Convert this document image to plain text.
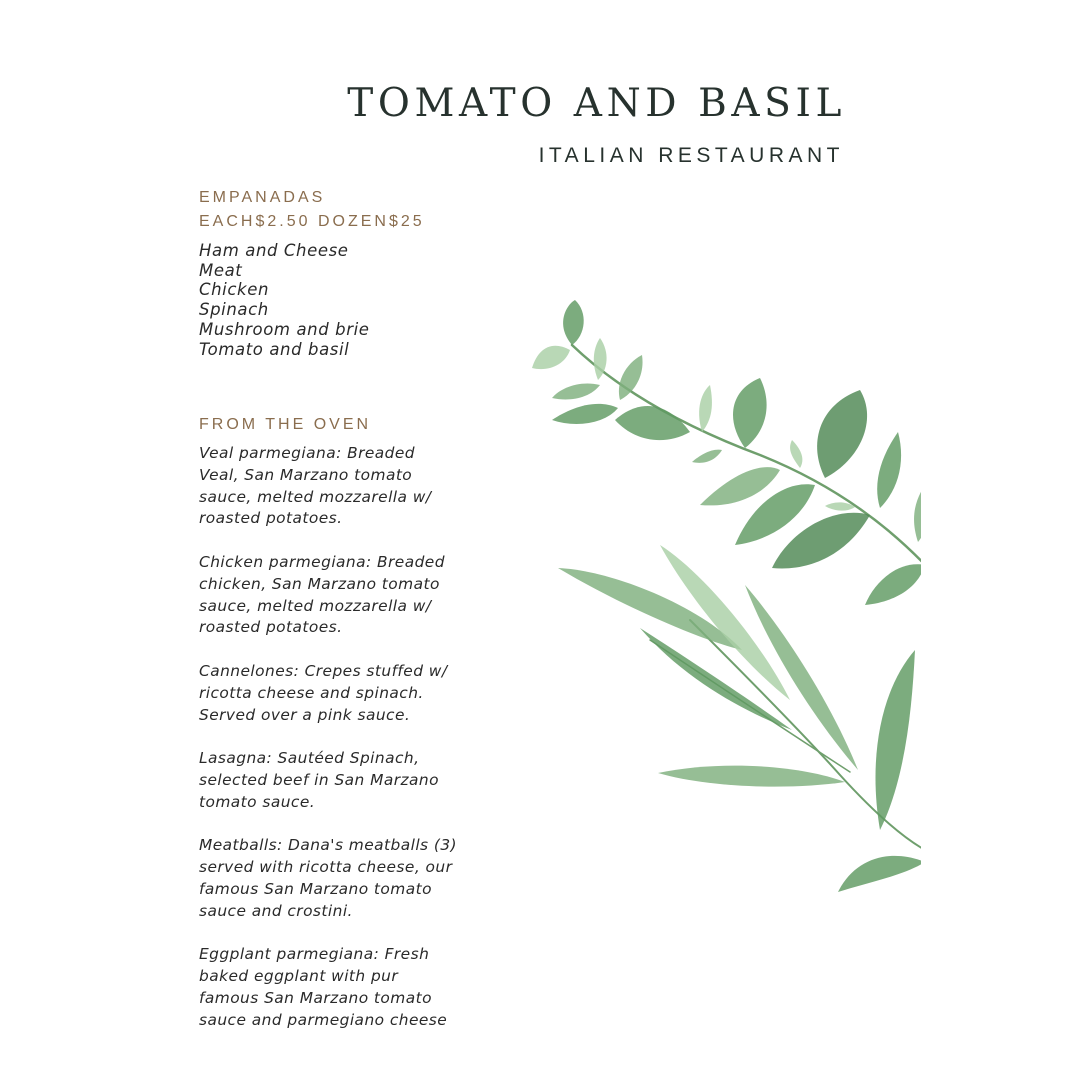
TOMATO AND BASIL

ITALIAN RESTAURANT

EMPANADAS

EACH$2.50 DOZEN$25

Ham and Cheese
Meat
Chicken
Spinach
Mushroom and brie
Tomato and basil
FROM THE OVEN

Veal parmegiana: Breaded
Veal, San Marzano tomato
sauce, melted mozzarella w/
roasted potatoes.

Chicken parmegiana: Breaded
chicken, San Marzano tomato
sauce, melted mozzarella w/
roasted potatoes.

Cannelones: Crepes stuffed w/
ricotta cheese and spinach.
Served over a pink sauce.

Lasagna: Sautéed Spinach,
selected beef in San Marzano
tomato sauce.

Meatballs: Dana's meatballs (3)
served with ricotta cheese, our
famous San Marzano tomato
sauce and crostini.

Eggplant parmegiana: Fresh
baked eggplant with pur
famous San Marzano tomato
sauce and parmegiano cheese
